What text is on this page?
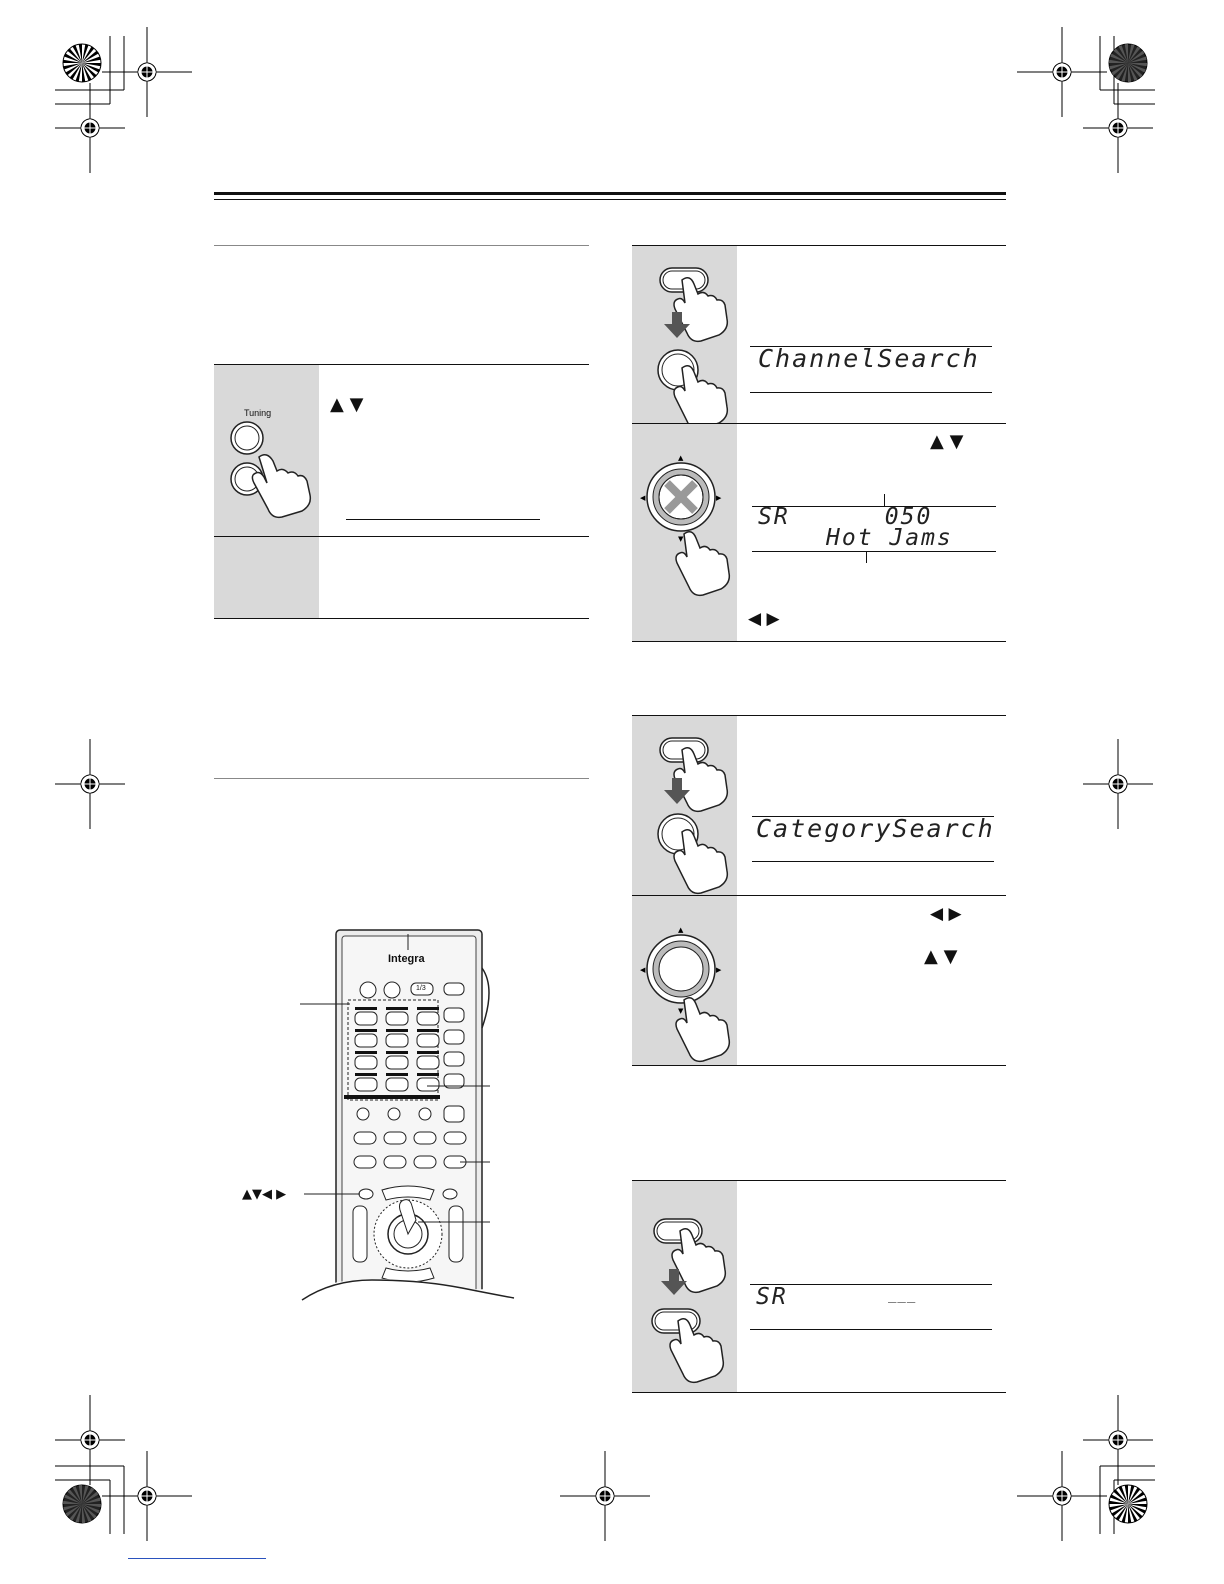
Tuning	▲ ▼
Integra
1/3
▲▼◀ ▶
ChannelSearch
▲
▼
◀	▶
▲ ▼
SR      050
Hot Jams
◀ ▶
CategorySearch
▲
▼
◀	▶
◀ ▶
▲ ▼
SR	___
